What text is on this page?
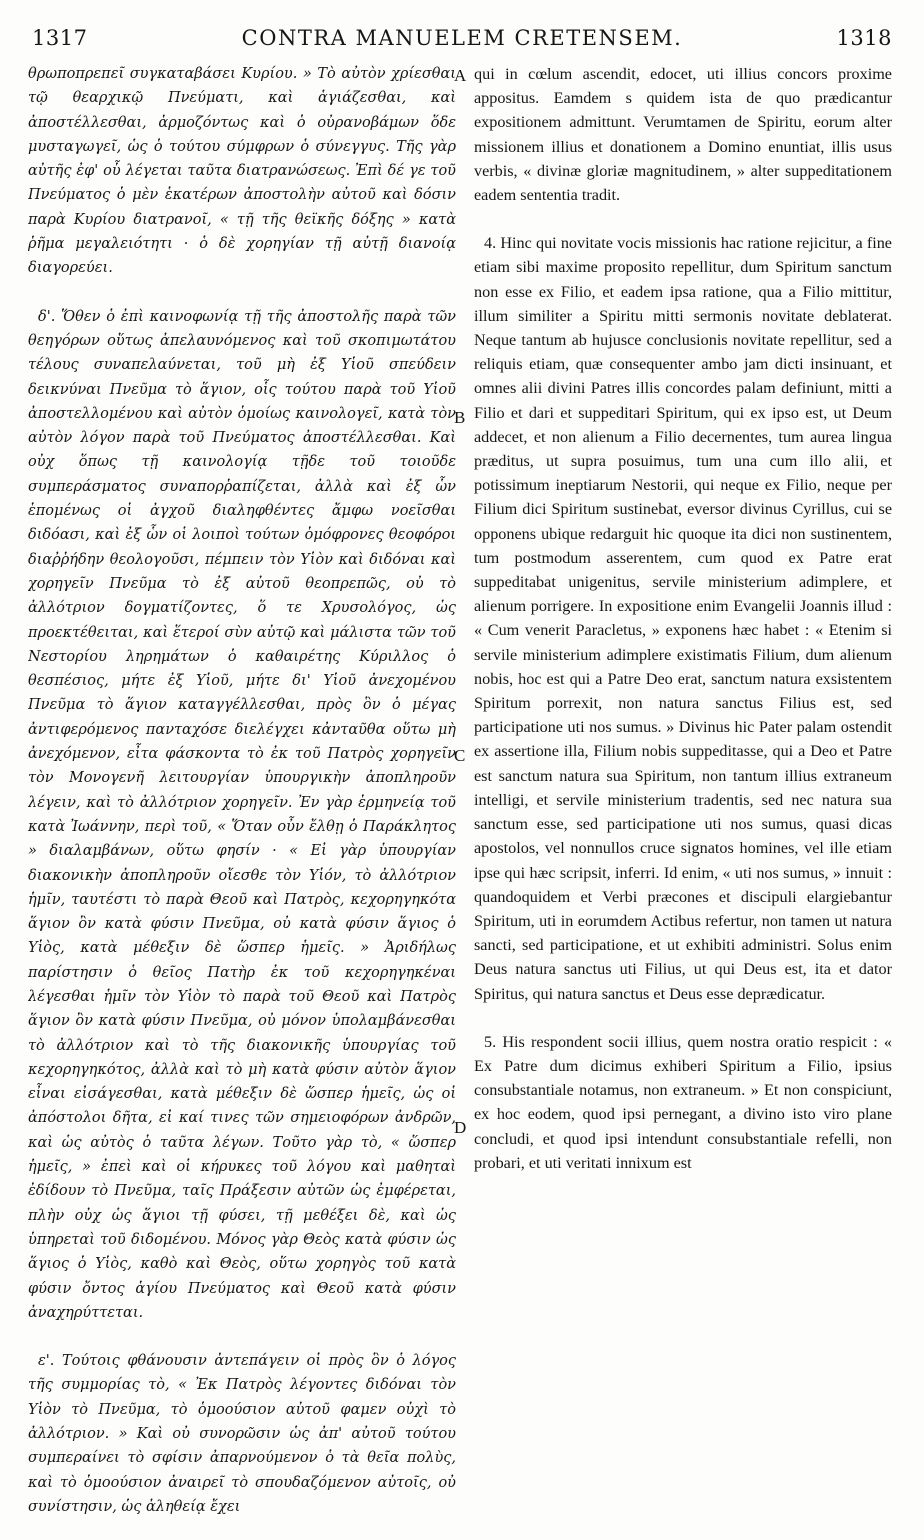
1317	CONTRA MANUELEM CRETENSEM.	1318

θρωποπρεπεῖ συγκαταβάσει Κυρίου. » Τὸ αὐτὸν χρίεσθαι τῷ θεαρχικῷ Πνεύματι, καὶ ἁγιάζεσθαι, καὶ ἀποστέλλεσθαι, ἁρμοζόντως καὶ ὁ οὐρανοβάμων ὅδε μυσταγωγεῖ, ὡς ὁ τούτου σύμφρων ὁ σύνεγγυς. Τῆς γὰρ αὐτῆς ἐφ' οὗ λέγεται ταῦτα διατρανώσεως. Ἐπὶ δέ γε τοῦ Πνεύματος ὁ μὲν ἑκατέρων ἀποστολὴν αὐτοῦ καὶ δόσιν παρὰ Κυρίου διατρανοῖ, « τῇ τῆς θεϊκῆς δόξης » κατὰ ῥῆμα μεγαλειότητι · ὁ δὲ χορηγίαν τῇ αὐτῇ διανοίᾳ διαγορεύει.

δ'. Ὅθεν ὁ ἐπὶ καινοφωνίᾳ τῇ τῆς ἀποστολῆς παρὰ τῶν θεηγόρων οὕτως ἀπελαυνόμενος καὶ τοῦ σκοπιμωτάτου τέλους συναπελαύνεται, τοῦ μὴ ἐξ Υἱοῦ σπεύδειν δεικνύναι Πνεῦμα τὸ ἅγιον, οἷς τούτου παρὰ τοῦ Υἱοῦ ἀποστελλομένου καὶ αὐτὸν ὁμοίως καινολογεῖ, κατὰ τὸν αὐτὸν λόγον παρὰ τοῦ Πνεύματος ἀποστέλλεσθαι. Καὶ οὐχ ὅπως τῇ καινολογίᾳ τῇδε τοῦ τοιοῦδε συμπεράσματος συναπορῥαπίζεται, ἀλλὰ καὶ ἐξ ὧν ἑπομένως οἱ ἀγχοῦ διαληφθέντες ἄμφω νοεῖσθαι διδόασι, καὶ ἐξ ὧν οἱ λοιποὶ τούτων ὁμόφρονες θεοφόροι διαῤῥήδην θεολογοῦσι, πέμπειν τὸν Υἱὸν καὶ διδόναι καὶ χορηγεῖν Πνεῦμα τὸ ἐξ αὐτοῦ θεοπρεπῶς, οὐ τὸ ἀλλότριον δογματίζοντες, ὅ τε Χρυσολόγος, ὡς προεκτέθειται, καὶ ἕτεροί σὺν αὐτῷ καὶ μάλιστα τῶν τοῦ Νεστορίου ληρημάτων ὁ καθαιρέτης Κύριλλος ὁ θεσπέσιος, μήτε ἐξ Υἱοῦ, μήτε δι' Υἱοῦ ἀνεχομένου Πνεῦμα τὸ ἅγιον καταγγέλλεσθαι, πρὸς ὃν ὁ μέγας ἀντιφερόμενος πανταχόσε διελέγχει κἀνταῦθα οὕτω μὴ ἀνεχόμενον, εἶτα φάσκοντα τὸ ἐκ τοῦ Πατρὸς χορηγεῖν τὸν Μονογενῆ λειτουργίαν ὑπουργικὴν ἀποπληροῦν λέγειν, καὶ τὸ ἀλλότριον χορηγεῖν. Ἐν γὰρ ἑρμηνείᾳ τοῦ κατὰ Ἰωάννην, περὶ τοῦ, « Ὅταν οὖν ἔλθῃ ὁ Παράκλητος » διαλαμβάνων, οὕτω φησίν · « Εἰ γὰρ ὑπουργίαν διακονικὴν ἀποπληροῦν οἴεσθε τὸν Υἱόν, τὸ ἀλλότριον ἡμῖν, ταυτέστι τὸ παρὰ Θεοῦ καὶ Πατρὸς, κεχορηγηκότα ἅγιον ὂν κατὰ φύσιν Πνεῦμα, οὐ κατὰ φύσιν ἅγιος ὁ Υἱὸς, κατὰ μέθεξιν δὲ ὥσπερ ἡμεῖς. » Ἀριδήλως παρίστησιν ὁ θεῖος Πατὴρ ἐκ τοῦ κεχορηγηκέναι λέγεσθαι ἡμῖν τὸν Υἱὸν τὸ παρὰ τοῦ Θεοῦ καὶ Πατρὸς ἅγιον ὂν κατὰ φύσιν Πνεῦμα, οὐ μόνον ὑπολαμβάνεσθαι τὸ ἀλλότριον καὶ τὸ τῆς διακονικῆς ὑπουργίας τοῦ κεχορηγηκότος, ἀλλὰ καὶ τὸ μὴ κατὰ φύσιν αὐτὸν ἅγιον εἶναι εἰσάγεσθαι, κατὰ μέθεξιν δὲ ὥσπερ ἡμεῖς, ὡς οἱ ἀπόστολοι δῆτα, εἰ καί τινες τῶν σημειοφόρων ἀνδρῶν, καὶ ὡς αὐτὸς ὁ ταῦτα λέγων. Τοῦτο γὰρ τὸ, « ὥσπερ ἡμεῖς, » ἐπεὶ καὶ οἱ κήρυκες τοῦ λόγου καὶ μαθηταὶ ἐδίδουν τὸ Πνεῦμα, ταῖς Πράξεσιν αὐτῶν ὡς ἐμφέρεται, πλὴν οὐχ ὡς ἅγιοι τῇ φύσει, τῇ μεθέξει δὲ, καὶ ὡς ὑπηρεταὶ τοῦ διδομένου. Μόνος γὰρ Θεὸς κατὰ φύσιν ὡς ἅγιος ὁ Υἱὸς, καθὸ καὶ Θεὸς, οὕτω χορηγὸς τοῦ κατὰ φύσιν ὄντος ἁγίου Πνεύματος καὶ Θεοῦ κατὰ φύσιν ἀναχηρύττεται.

ε'. Τούτοις φθάνουσιν ἀντεπάγειν οἱ πρὸς ὃν ὁ λόγος τῆς συμμορίας τὸ, « Ἐκ Πατρὸς λέγοντες διδόναι τὸν Υἱὸν τὸ Πνεῦμα, τὸ ὁμοούσιον αὐτοῦ φαμεν οὐχὶ τὸ ἀλλότριον. » Καὶ οὐ συνορῶσιν ὡς ἀπ' αὐτοῦ τούτου συμπεραίνει τὸ σφίσιν ἀπαρνούμενον ὁ τὰ θεῖα πολὺς, καὶ τὸ ὁμοούσιον ἀναιρεῖ τὸ σπουδαζόμενον αὐτοῖς, οὐ συνίστησιν, ὡς ἀληθείᾳ ἔχει

A
B
C
D

qui in cœlum ascendit, edocet, uti illius concors proxime appositus. Eamdem s quidem ista de quo prædicantur expositionem admittunt. Verumtamen de Spiritu, eorum alter missionem illius et donationem a Domino enuntiat, illis usus verbis, « divinæ gloriæ magnitudinem, » alter suppeditationem eadem sententia tradit.

4. Hinc qui novitate vocis missionis hac ratione rejicitur, a fine etiam sibi maxime proposito repellitur, dum Spiritum sanctum non esse ex Filio, et eadem ipsa ratione, qua a Filio mittitur, illum similiter a Spiritu mitti sermonis novitate deblaterat. Neque tantum ab hujusce conclusionis novitate repellitur, sed a reliquis etiam, quæ consequenter ambo jam dicti insinuant, et omnes alii divini Patres illis concordes palam definiunt, mitti a Filio et dari et suppeditari Spiritum, qui ex ipso est, ut Deum addecet, et non alienum a Filio decernentes, tum aurea lingua præditus, ut supra posuimus, tum una cum illo alii, et potissimum ineptiarum Nestorii, qui neque ex Filio, neque per Filium dici Spiritum sustinebat, eversor divinus Cyrillus, cui se opponens ubique redarguit hic quoque ita dici non sustinentem, tum postmodum asserentem, cum quod ex Patre erat suppeditabat unigenitus, servile ministerium adimplere, et alienum porrigere. In expositione enim Evangelii Joannis illud : « Cum venerit Paracletus, » exponens hæc habet : « Etenim si servile ministerium adimplere existimatis Filium, dum alienum nobis, hoc est qui a Patre Deo erat, sanctum natura exsistentem Spiritum porrexit, non natura sanctus Filius est, sed participatione uti nos sumus. » Divinus hic Pater palam ostendit ex assertione illa, Filium nobis suppeditasse, qui a Deo et Patre est sanctum natura sua Spiritum, non tantum illius extraneum intelligi, et servile ministerium tradentis, sed nec natura sua sanctum esse, sed participatione uti nos sumus, quasi dicas apostolos, vel nonnullos cruce signatos homines, vel ille etiam ipse qui hæc scripsit, inferri. Id enim, « uti nos sumus, » innuit : quandoquidem et Verbi præcones et discipuli elargiebantur Spiritum, uti in eorumdem Actibus refertur, non tamen ut natura sancti, sed participatione, et ut exhibiti administri. Solus enim Deus natura sanctus uti Filius, ut qui Deus est, ita et dator Spiritus, qui natura sanctus et Deus esse deprædicatur.

5. His respondent socii illius, quem nostra oratio respicit : « Ex Patre dum dicimus exhiberi Spiritum a Filio, ipsius consubstantiale notamus, non extraneum. » Et non conspiciunt, ex hoc eodem, quod ipsi pernegant, a divino isto viro plane concludi, et quod ipsi intendunt consubstantiale refelli, non probari, et uti veritati innixum est
